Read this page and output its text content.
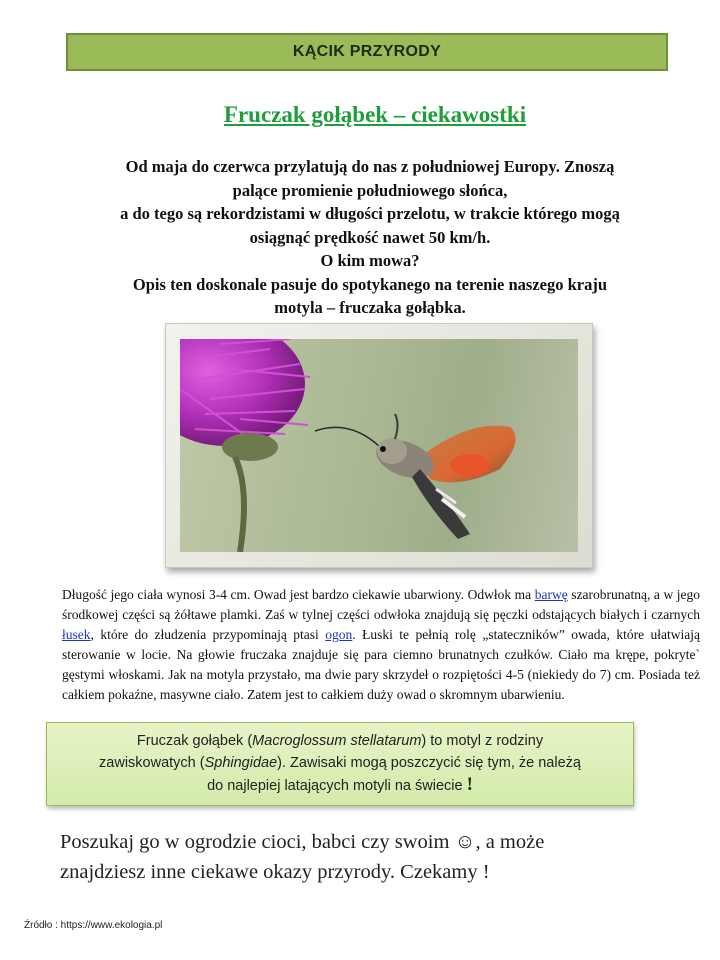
KĄCIK PRZYRODY
Fruczak gołąbek – ciekawostki
Od maja do czerwca przylatują do nas z południowej Europy. Znoszą
palące promienie południowego słońca,
a do tego są rekordzistami w długości przelotu, w trakcie którego mogą
osiągnąć prędkość nawet 50 km/h.
O kim mowa?
Opis ten doskonale pasuje do spotykanego na terenie naszego kraju
motyla – fruczaka gołąbka.
Długość jego ciała wynosi 3-4 cm. Owad jest bardzo ciekawie ubarwiony. Odwłok ma barwę szarobrunatną, a w jego środkowej części są żółtawe plamki. Zaś w tylnej części odwłoka znajdują się pęczki odstających białych i czarnych łusek, które do złudzenia przypominają ptasi ogon. Łuski te pełnią rolę „stateczników” owada, które ułatwiają sterowanie w locie. Na głowie fruczaka znajduje się para ciemno brunatnych czułków. Ciało ma krępe, pokryte` gęstymi włoskami. Jak na motyla przystało, ma dwie pary skrzydeł o rozpiętości 4-5 (niekiedy do 7) cm. Posiada też całkiem pokaźne, masywne ciało. Zatem jest to całkiem duży owad o skromnym ubarwieniu.
Fruczak gołąbek (Macroglossum stellatarum) to motyl z rodziny
zawiskowatych (Sphingidae). Zawisaki mogą poszczycić się tym, że należą
do najlepiej latających motyli na świecie !
Poszukaj go w ogrodzie cioci, babci czy swoim ☺, a może
znajdziesz inne ciekawe okazy przyrody. Czekamy !
Źródło : https://www.ekologia.pl
